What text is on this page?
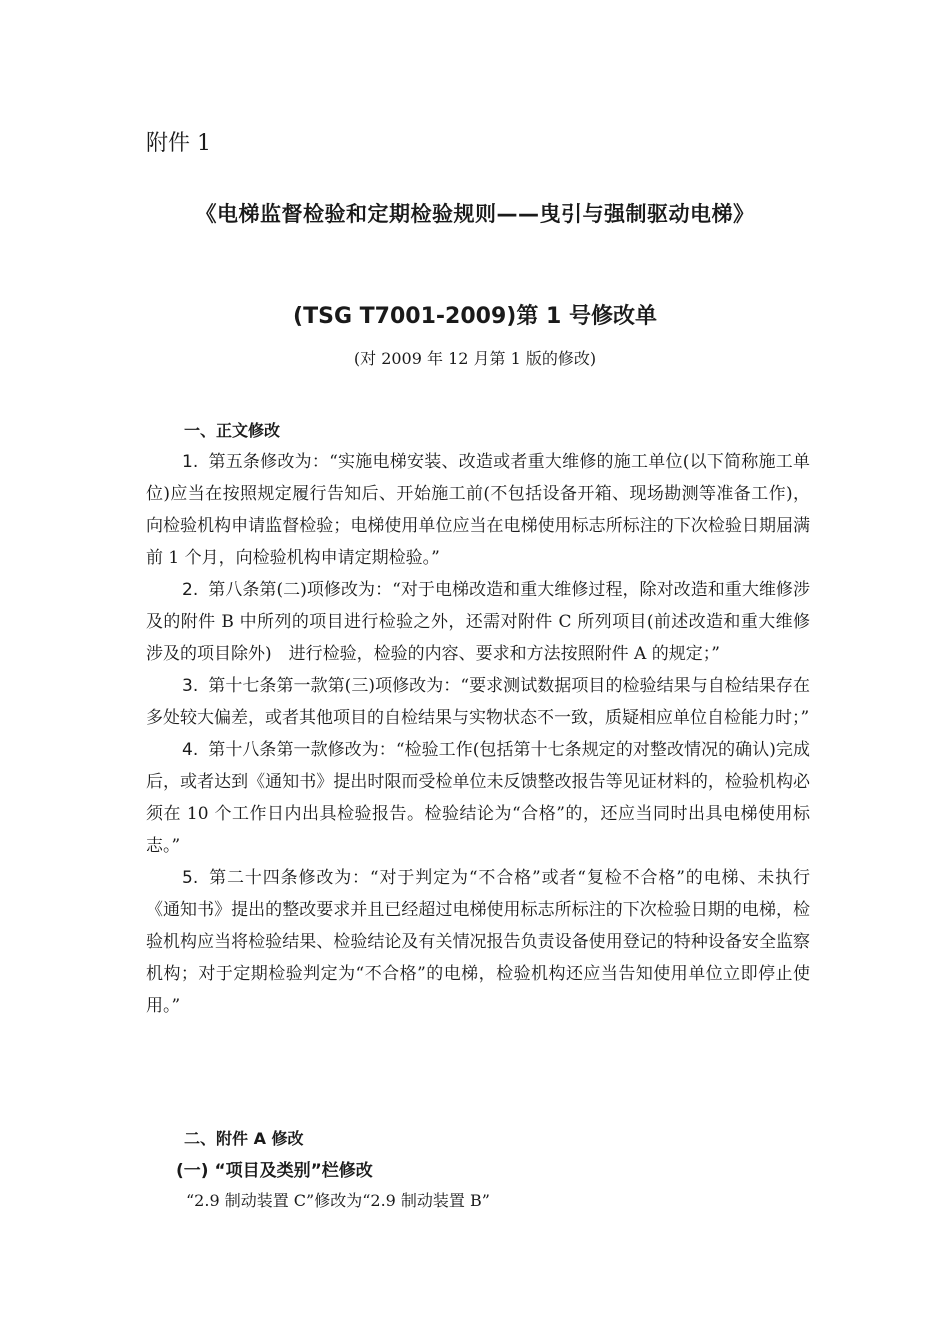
附件 1
《电梯监督检验和定期检验规则——曳引与强制驱动电梯》
(TSG T7001-2009)第 1 号修改单
(对 2009 年 12 月第 1 版的修改)
一、正文修改

1. 第五条修改为：“实施电梯安装、改造或者重大维修的施工单位(以下简称施工单位)应当在按照规定履行告知后、开始施工前(不包括设备开箱、现场勘测等准备工作)，向检验机构申请监督检验；电梯使用单位应当在电梯使用标志所标注的下次检验日期届满前 1 个月，向检验机构申请定期检验。”

2. 第八条第(二)项修改为：“对于电梯改造和重大维修过程，除对改造和重大维修涉及的附件 B 中所列的项目进行检验之外，还需对附件 C 所列项目(前述改造和重大维修涉及的项目除外)　进行检验，检验的内容、要求和方法按照附件 A 的规定；”

3. 第十七条第一款第(三)项修改为：“要求测试数据项目的检验结果与自检结果存在多处较大偏差，或者其他项目的自检结果与实物状态不一致，质疑相应单位自检能力时；”

4. 第十八条第一款修改为：“检验工作(包括第十七条规定的对整改情况的确认)完成后，或者达到《通知书》提出时限而受检单位未反馈整改报告等见证材料的，检验机构必须在 10 个工作日内出具检验报告。检验结论为“合格”的，还应当同时出具电梯使用标志。”

5. 第二十四条修改为：“对于判定为“不合格”或者“复检不合格”的电梯、未执行《通知书》提出的整改要求并且已经超过电梯使用标志所标注的下次检验日期的电梯，检验机构应当将检验结果、检验结论及有关情况报告负责设备使用登记的特种设备安全监察机构；对于定期检验判定为“不合格”的电梯，检验机构还应当告知使用单位立即停止使用。”

二、附件 A 修改
(一) “项目及类别”栏修改
“2.9 制动装置 C”修改为“2.9 制动装置 B”
